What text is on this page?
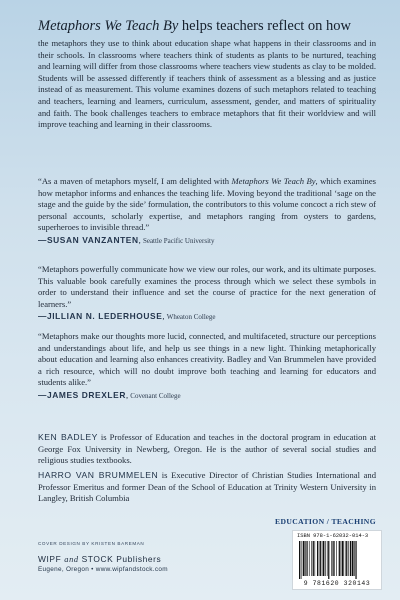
Metaphors We Teach By helps teachers reflect on how

the metaphors they use to think about education shape what happens in their classrooms and in their schools. In classrooms where teachers think of students as plants to be nurtured, teaching and learning will differ from those classrooms where teachers view students as clay to be molded. Students will be assessed differently if teachers think of assessment as a blessing and as justice instead of as measurement. This volume examines dozens of such metaphors related to teaching and teachers, learning and learners, curriculum, assessment, gender, and matters of spirituality and faith. The book challenges teachers to embrace metaphors that fit their worldview and will improve teaching and learning in their classrooms.

“As a maven of metaphors myself, I am delighted with Metaphors We Teach By, which examines how metaphor informs and enhances the teaching life. Moving beyond the traditional ‘sage on the stage and the guide by the side’ formulation, the contributors to this volume concoct a rich stew of personal accounts, scholarly expertise, and metaphors ranging from oysters to gardens, superheroes to invisible thread.”

—SUSAN VANZANTEN, Seattle Pacific University

“Metaphors powerfully communicate how we view our roles, our work, and its ultimate purposes. This valuable book carefully examines the process through which we select these symbols in order to understand their influence and set the course of practice for the next generation of learners.”

—JILLIAN N. LEDERHOUSE, Wheaton College

“Metaphors make our thoughts more lucid, connected, and multifaceted, structure our perceptions and understandings about life, and help us see things in a new light. Thinking metaphorically about education and learning also enhances creativity. Badley and Van Brummelen have provided a rich resource, which will no doubt improve both teaching and learning for educators and students alike.”

—JAMES DREXLER, Covenant College
KEN BADLEY is Professor of Education and teaches in the doctoral program in education at George Fox University in Newberg, Oregon. He is the author of several social studies and religious studies textbooks.
HARRO VAN BRUMMELEN is Executive Director of Christian Studies International and Professor Emeritus and former Dean of the School of Education at Trinity Western University in Langley, British Columbia
EDUCATION / TEACHING
COVER DESIGN BY KRISTEN BAREMAN
WIPF and STOCK Publishers
Eugene, Oregon • www.wipfandstock.com
ISBN 978-1-62032-014-3
9 781620 320143
